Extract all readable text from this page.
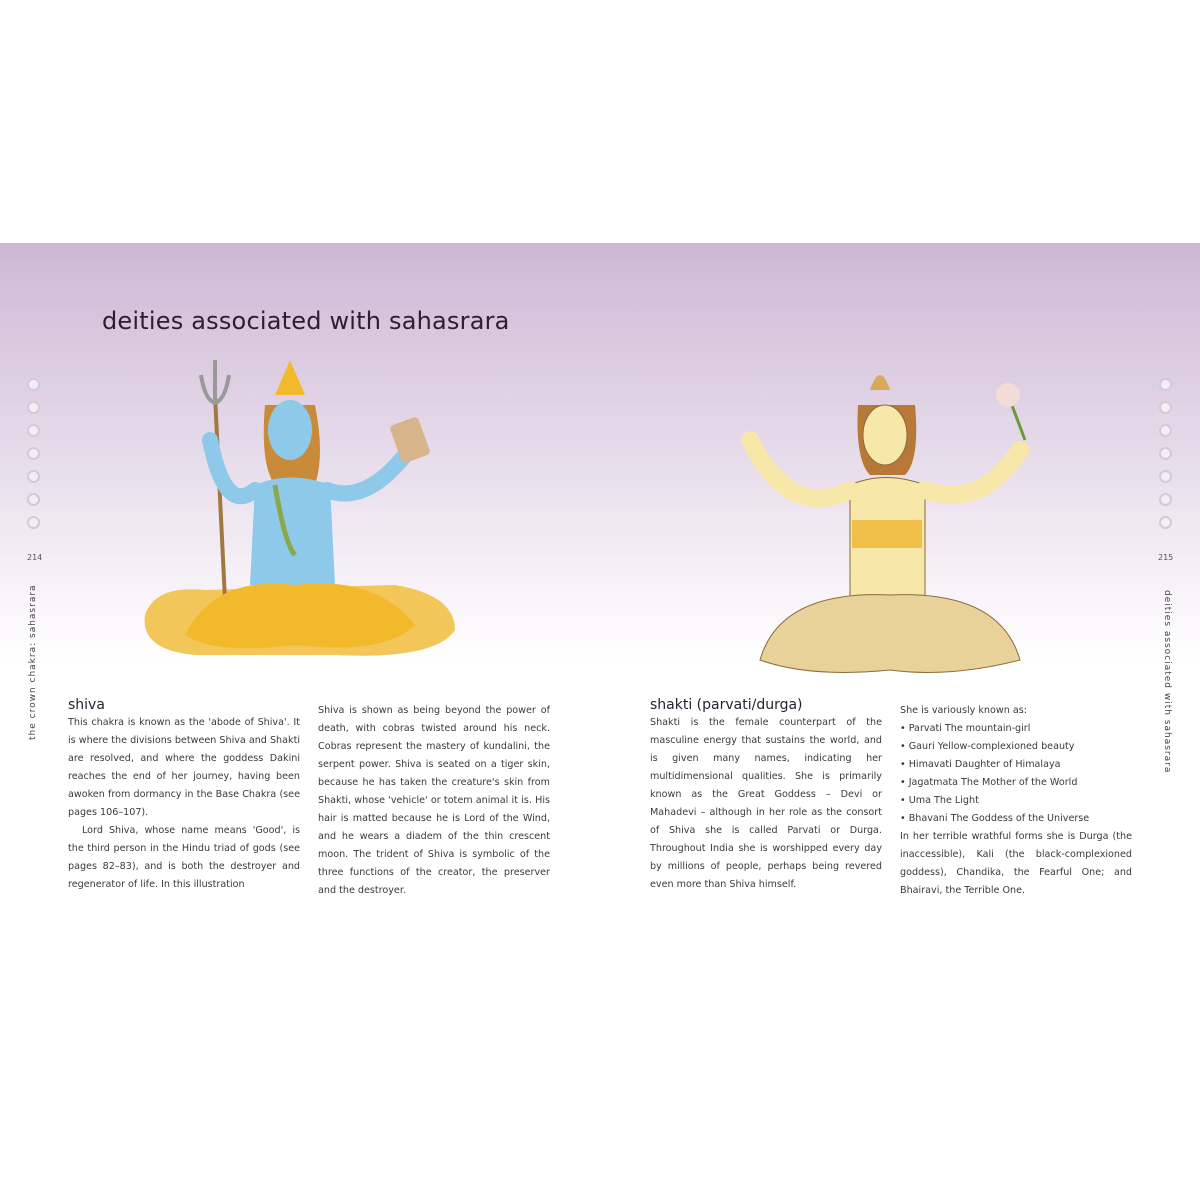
deities associated with sahasrara
214	215
the crown chakra: sahasrara	deities associated with sahasrara
shiva

This chakra is known as the 'abode of Shiva'. It is where the divisions between Shiva and Shakti are resolved, and where the goddess Dakini reaches the end of her journey, having been awoken from dormancy in the Base Chakra (see pages 106–107).

Lord Shiva, whose name means 'Good', is the third person in the Hindu triad of gods (see pages 82–83), and is both the destroyer and regenerator of life. In this illustration

Shiva is shown as being beyond the power of death, with cobras twisted around his neck. Cobras represent the mastery of kundalini, the serpent power. Shiva is seated on a tiger skin, because he has taken the creature's skin from Shakti, whose 'vehicle' or totem animal it is. His hair is matted because he is Lord of the Wind, and he wears a diadem of the thin crescent moon. The trident of Shiva is symbolic of the three functions of the creator, the preserver and the destroyer.

shakti (parvati/durga)

Shakti is the female counterpart of the masculine energy that sustains the world, and is given many names, indicating her multidimensional qualities. She is primarily known as the Great Goddess – Devi or Mahadevi – although in her role as the consort of Shiva she is called Parvati or Durga. Throughout India she is worshipped every day by millions of people, perhaps being revered even more than Shiva himself.

She is variously known as:

• Parvati The mountain-girl
• Gauri Yellow-complexioned beauty
• Himavati Daughter of Himalaya
• Jagatmata The Mother of the World
• Uma The Light
• Bhavani The Goddess of the Universe

In her terrible wrathful forms she is Durga (the inaccessible), Kali (the black-complexioned goddess), Chandika, the Fearful One; and Bhairavi, the Terrible One.
